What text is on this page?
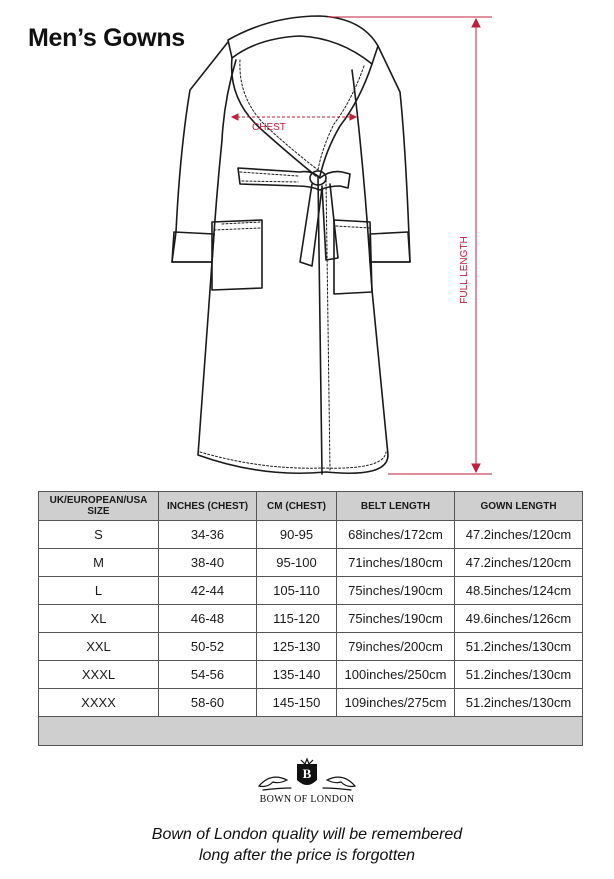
Men’s Gowns
CHEST
FULL LENGTH
UK/EUROPEAN/USA SIZE	INCHES (CHEST)	CM (CHEST)	BELT LENGTH	GOWN LENGTH
S	34-36	90-95	68inches/172cm	47.2inches/120cm
M	38-40	95-100	71inches/180cm	47.2inches/120cm
L	42-44	105-110	75inches/190cm	48.5inches/124cm
XL	46-48	115-120	75inches/190cm	49.6inches/126cm
XXL	50-52	125-130	79inches/200cm	51.2inches/130cm
XXXL	54-56	135-140	100inches/250cm	51.2inches/130cm
XXXX	58-60	145-150	109inches/275cm	51.2inches/130cm

B
BOWN OF LONDON
Bown of London quality will be remembered
long after the price is forgotten
